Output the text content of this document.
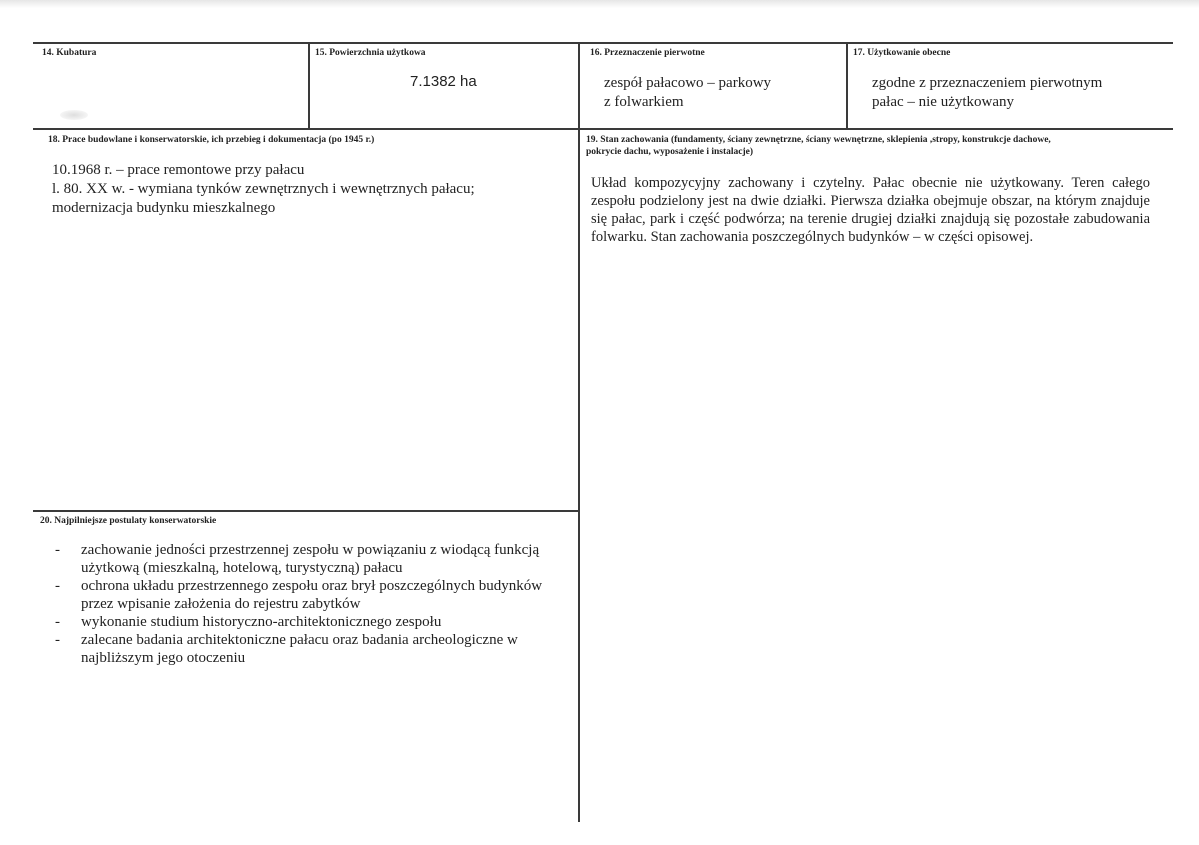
14. Kubatura	15. Powierzchnia użytkowa
7.1382 ha
16. Przeznaczenie pierwotne
zespół pałacowo – parkowy
z folwarkiem
17. Użytkowanie obecne
zgodne z przeznaczeniem pierwotnym
pałac – nie użytkowany
18. Prace budowlane i konserwatorskie, ich przebieg i dokumentacja (po 1945 r.)
10.1968 r. – prace remontowe przy pałacu
l. 80. XX w. - wymiana tynków zewnętrznych i wewnętrznych pałacu;
modernizacja budynku mieszkalnego
19. Stan zachowania (fundamenty, ściany zewnętrzne, ściany wewnętrzne, sklepienia ,stropy, konstrukcje dachowe,
pokrycie dachu, wyposażenie i instalacje)
Układ kompozycyjny zachowany i czytelny. Pałac obecnie nie użytkowany. Teren całego zespołu podzielony jest na dwie działki. Pierwsza działka obejmuje obszar, na którym znajduje się pałac, park i część podwórza; na terenie drugiej działki znajdują się pozostałe zabudowania folwarku. Stan zachowania poszczególnych budynków – w części opisowej.
20. Najpilniejsze postulaty konserwatorskie
- zachowanie jedności przestrzennej zespołu w powiązaniu z wiodącą funkcją
użytkową (mieszkalną, hotelową, turystyczną) pałacu
- ochrona układu przestrzennego zespołu oraz brył poszczególnych budynków
przez wpisanie założenia do rejestru zabytków
- wykonanie studium historyczno-architektonicznego zespołu
- zalecane badania architektoniczne pałacu oraz badania archeologiczne w
najbliższym jego otoczeniu
